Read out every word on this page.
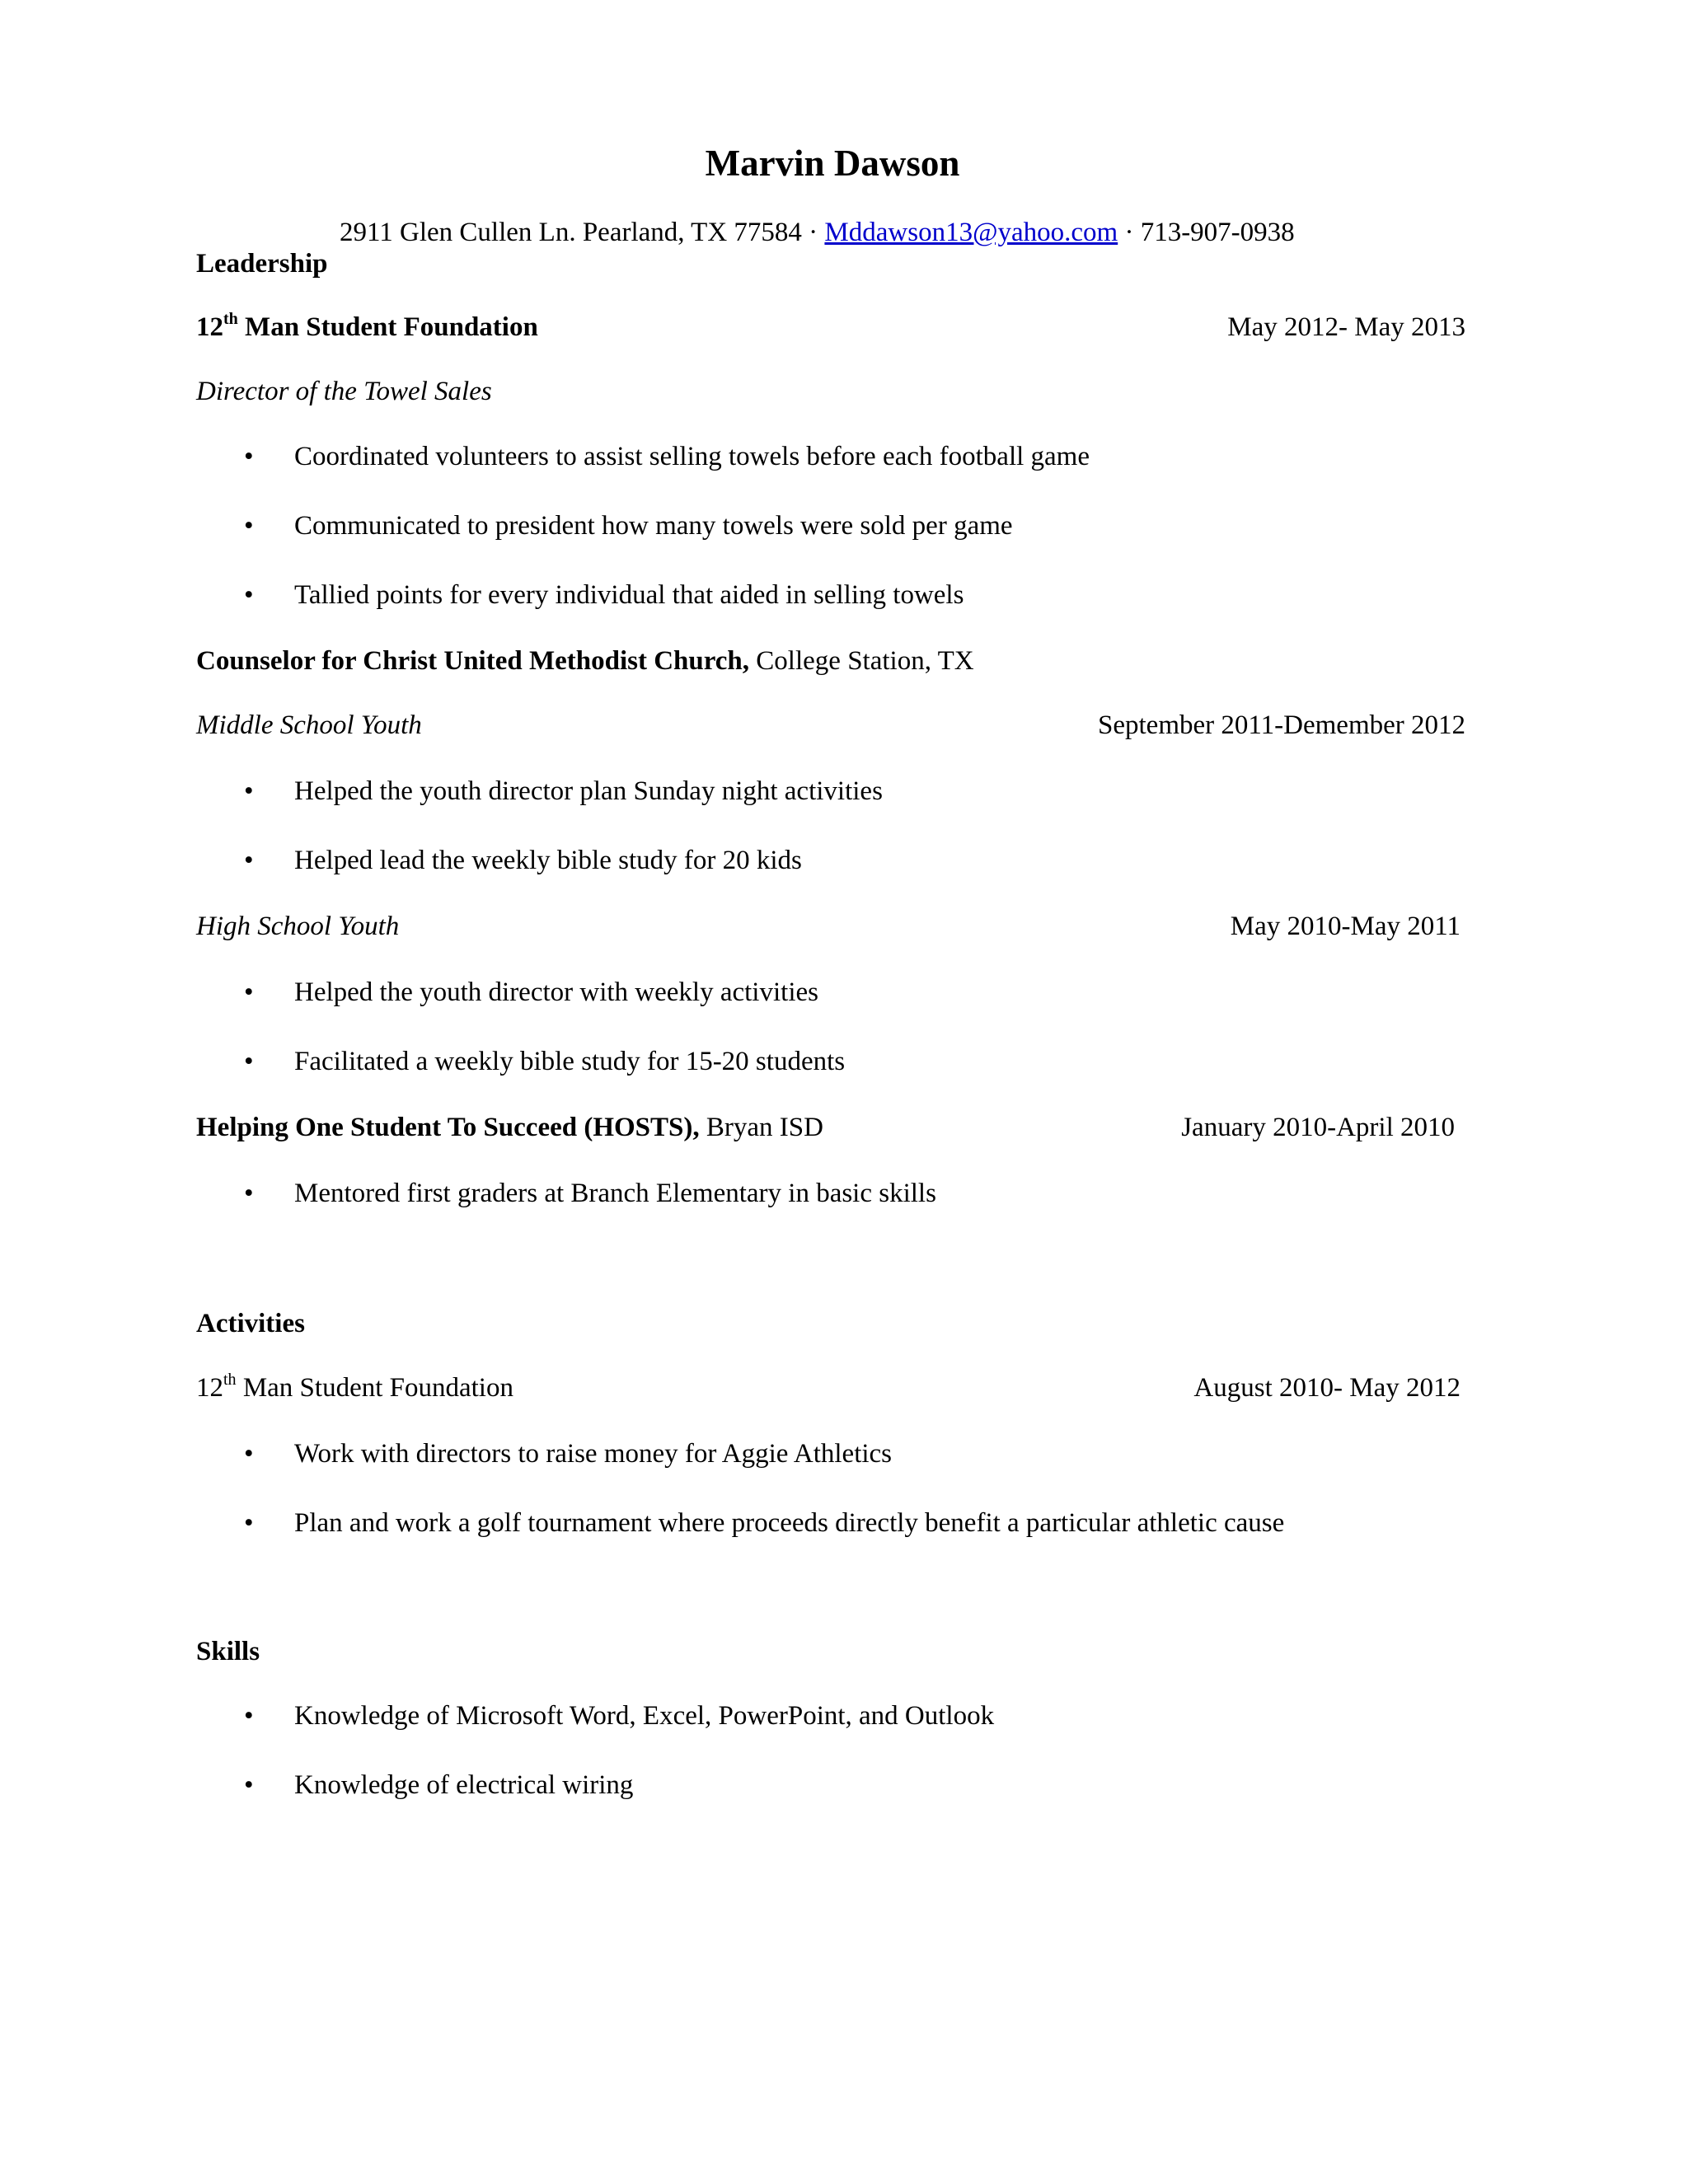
Marvin Dawson
2911 Glen Cullen Ln. Pearland, TX 77584 · Mddawson13@yahoo.com · 713-907-0938
Leadership
12th Man Student Foundation	May 2012- May 2013
Director of the Towel Sales
• Coordinated volunteers to assist selling towels before each football game
• Communicated to president how many towels were sold per game
• Tallied points for every individual that aided in selling towels
Counselor for Christ United Methodist Church, College Station, TX
Middle School Youth	September 2011-Demember 2012
• Helped the youth director plan Sunday night activities
• Helped lead the weekly bible study for 20 kids
High School Youth	May 2010-May 2011
• Helped the youth director with weekly activities
• Facilitated a weekly bible study for 15-20 students
Helping One Student To Succeed (HOSTS), Bryan ISD	January 2010-April 2010
• Mentored first graders at Branch Elementary in basic skills
Activities
12th Man Student Foundation	August 2010- May 2012
• Work with directors to raise money for Aggie Athletics
• Plan and work a golf tournament where proceeds directly benefit a particular athletic cause
Skills
• Knowledge of Microsoft Word, Excel, PowerPoint, and Outlook
• Knowledge of electrical wiring
